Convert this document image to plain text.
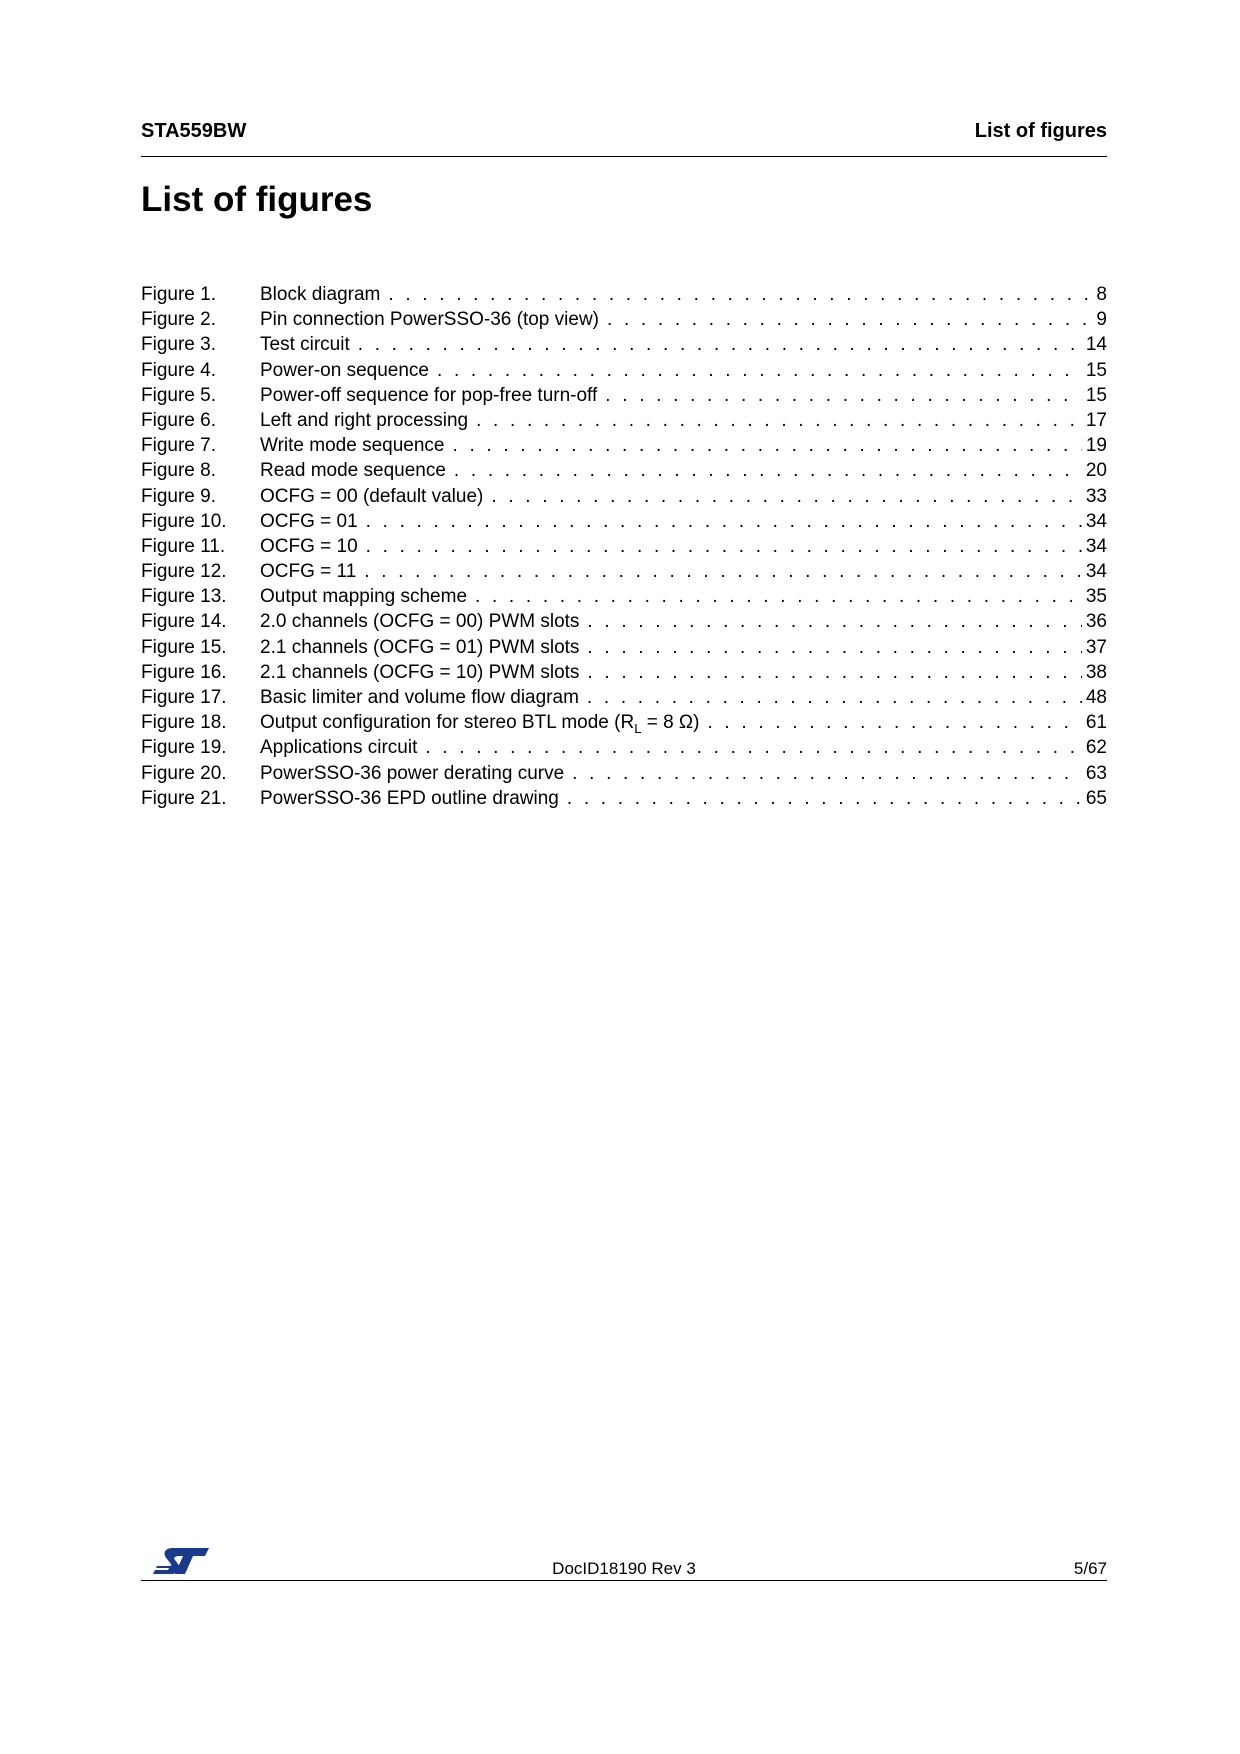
STA559BW	List of figures
List of figures
Figure 1.	Block diagram . . .	8
Figure 2.	Pin connection PowerSSO-36 (top view) . . .	9
Figure 3.	Test circuit . . .	14
Figure 4.	Power-on sequence . . .	15
Figure 5.	Power-off sequence for pop-free turn-off . . .	15
Figure 6.	Left and right processing . . .	17
Figure 7.	Write mode sequence . . .	19
Figure 8.	Read mode sequence . . .	20
Figure 9.	OCFG = 00 (default value) . . .	33
Figure 10.	OCFG = 01 . . .	34
Figure 11.	OCFG = 10 . . .	34
Figure 12.	OCFG = 11 . . .	34
Figure 13.	Output mapping scheme . . .	35
Figure 14.	2.0 channels (OCFG = 00) PWM slots . . .	36
Figure 15.	2.1 channels (OCFG = 01) PWM slots . . .	37
Figure 16.	2.1 channels (OCFG = 10) PWM slots . . .	38
Figure 17.	Basic limiter and volume flow diagram . . .	48
Figure 18.	Output configuration for stereo BTL mode ($R_L = 8$ Ω) . . .	61
Figure 19.	Applications circuit . . .	62
Figure 20.	PowerSSO-36 power derating curve . . .	63
Figure 21.	PowerSSO-36 EPD outline drawing . . .	65
DocID18190 Rev 3	5/67
